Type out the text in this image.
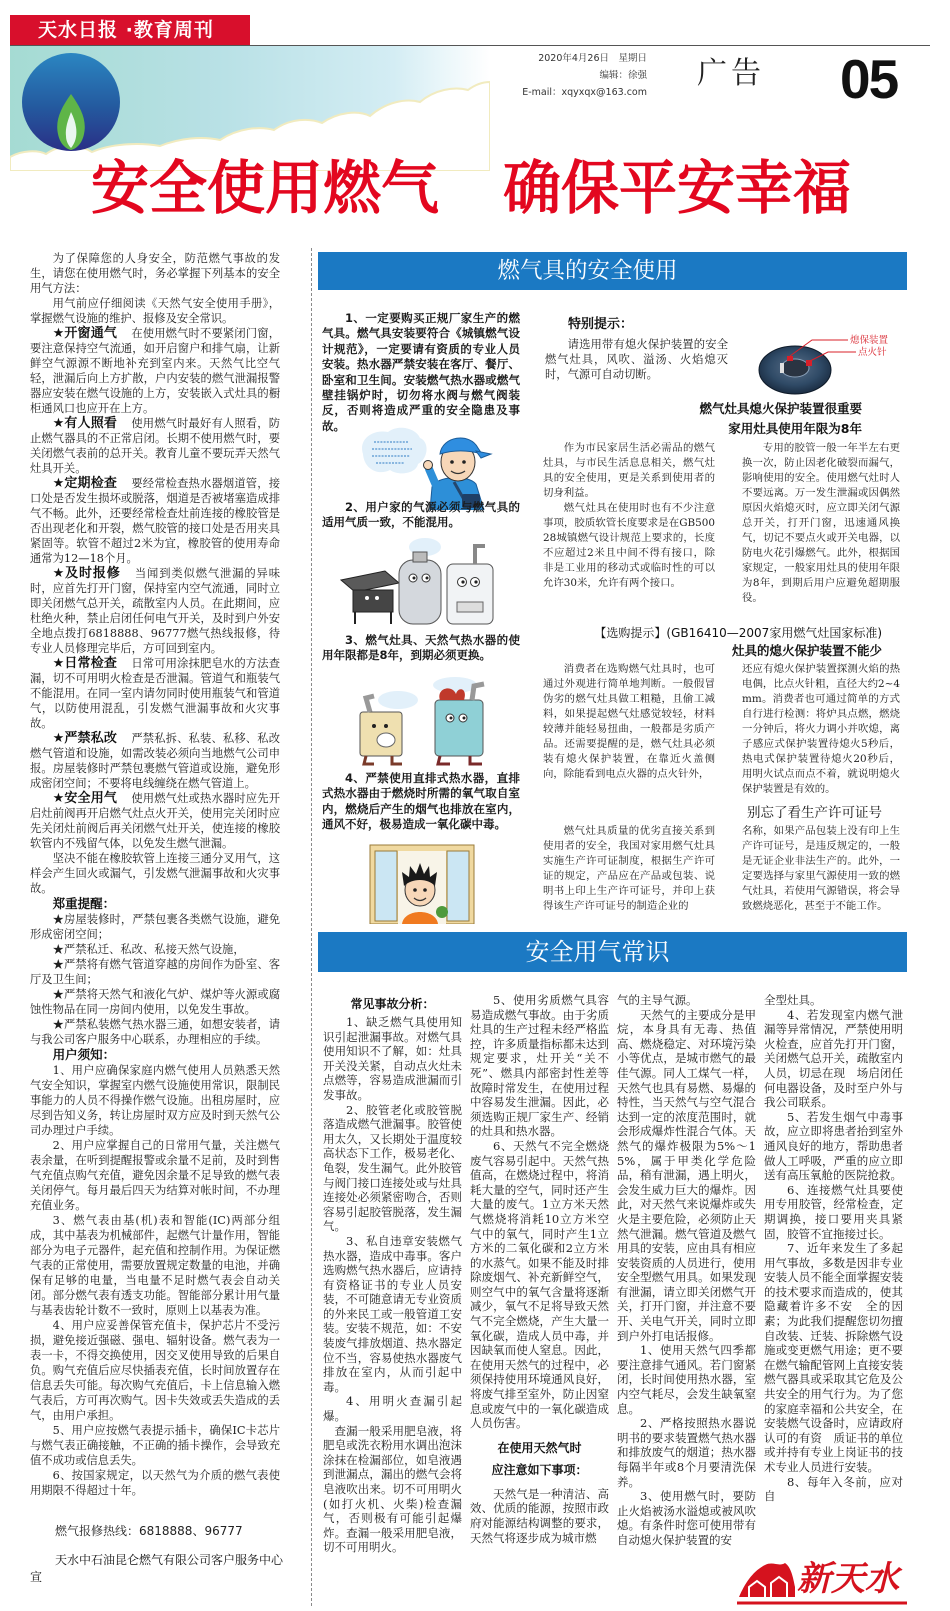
天水日报 ·教育周刊
2020年4月26日　星期日
编辑：徐强
E-mail：xqyxqx@163.com
广告 05
安全使用燃气 确保平安幸福

为了保障您的人身安全，防范燃气事故的发生，请您在使用燃气时，务必掌握下列基本的安全用气方法：

用气前应仔细阅读《天然气安全使用手册》，掌握燃气设施的维护、报修及安全常识。

★开窗通气 在使用燃气时不要紧闭门窗，要注意保持空气流通，如开启窗户和排气扇，让新鲜空气源源不断地补充到室内来。天然气比空气轻，泄漏后向上方扩散，户内安装的燃气泄漏报警器应安装在燃气设施的上方，安装嵌入式灶具的橱柜通风口也应开在上方。

★有人照看 使用燃气时最好有人照看，防止燃气器具的不正常启闭。长期不使用燃气时，要关闭燃气表前的总开关。教育儿童不要玩弄天然气灶具开关。

★定期检查 要经常检查热水器烟道管，接口处是否发生损坏或脱落，烟道是否被堵塞造成排气不畅。此外，还要经常检查灶前连接的橡胶管是否出现老化和开裂，燃气胶管的接口处是否用夹具紧固等。软管不超过2米为宜，橡胶管的使用寿命通常为12—18个月。

★及时报修 当闻到类似燃气泄漏的异味时，应首先打开门窗，保持室内空气流通，同时立即关闭燃气总开关，疏散室内人员。在此期间，应杜绝火种，禁止启闭任何电气开关，及时到户外安全地点拨打6818888、96777燃气热线报修，待专业人员修理完毕后，方可回到室内。

★日常检查 日常可用涂抹肥皂水的方法查漏，切不可用明火检查是否泄漏。管道气和瓶装气不能混用。在同一室内请勿同时使用瓶装气和管道气，以防使用混乱，引发燃气泄漏事故和火灾事故。

★严禁私改 严禁私拆、私装、私移、私改燃气管道和设施，如需改装必须向当地燃气公司申报。房屋装修时严禁包裹燃气管道或设施，避免形成密闭空间；不要将电线缠绕在燃气管道上。

★安全用气 使用燃气灶或热水器时应先开启灶前阀再开启燃气灶点火开关，使用完关闭时应先关闭灶前阀后再关闭燃气灶开关，使连接的橡胶软管内不残留气体，以免发生燃气泄漏。

坚决不能在橡胶软管上连接三通分叉用气，这样会产生回火或漏气，引发燃气泄漏事故和火灾事故。

郑重提醒：

★房屋装修时，严禁包裹各类燃气设施，避免形成密闭空间；

★严禁私迁、私改、私接天然气设施，

★严禁将有燃气管道穿越的房间作为卧室、客厅及卫生间；

★严禁将天然气和液化气炉、煤炉等火源或腐蚀性物品在同一房间内使用，以免发生事故。

★严禁私装燃气热水器三通，如想安装者，请与我公司客户服务中心联系，办理相应的手续。

用户须知：

1、用户应确保家庭内燃气使用人员熟悉天然气安全知识，掌握室内燃气设施使用常识，限制民事能力的人员不得操作燃气设施。出租房屋时，应尽到告知义务，转让房屋时双方应及时到天然气公司办理过户手续。

2、用户应掌握自己的日常用气量，关注燃气表余量，在听到提醒报警或余量不足前，及时到售气充值点购气充值，避免因余量不足导致的燃气表关闭停气。每月最后四天为结算对帐时间，不办理充值业务。

3、燃气表由基(机)表和智能(IC)两部分组成，其中基表为机械部件，起燃气计量作用，智能部分为电子元器件，起充值和控制作用。为保证燃气表的正常使用，需要放置规定数量的电池，并确保有足够的电量，当电量不足时燃气表会自动关闭。部分燃气表有透支功能。智能部分累计用气量与基表齿轮计数不一致时，原则上以基表为准。

4、用户应妥善保管充值卡，保护芯片不受污损，避免接近强磁、强电、辐射设备。燃气表为一表一卡，不得交换使用，因交叉使用导致的后果自负。购气充值后应尽快插表充值，长时间放置存在信息丢失可能。每次购气充值后，卡上信息输入燃气表后，方可再次购气。因卡失效或丢失造成的丢气，由用户承担。

5、用户应按燃气表提示插卡，确保IC卡芯片与燃气表正确接触，不正确的插卡操作，会导致充值不成功或信息丢失。

6、按国家规定，以天然气为介质的燃气表使用期限不得超过十年。

燃气报修热线：6818888、96777
天水中石油昆仑燃气有限公司客户服务中心
宣
燃气具的安全使用
1、一定要购买正规厂家生产的燃气具。燃气具安装要符合《城镇燃气设计规范》，一定要请有资质的专业人员安装。热水器严禁安装在客厅、餐厅、卧室和卫生间。安装燃气热水器或燃气壁挂锅炉时，切勿将水阀与燃气阀装反，否则将造成严重的安全隐患及事故。
2、用户家的气源必须与燃气具的适用气质一致，不能混用。
3、燃气灶具、天然气热水器的使用年限都是8年，到期必须更换。
4、严禁使用直排式热水器，直排式热水器由于燃烧时所需的氧气取自室内，燃烧后产生的烟气也排放在室内，通风不好，极易造成一氧化碳中毒。
特别提示：
请选用带有熄火保护装置的安全燃气灶具，风吹、溢汤、火焰熄灭时，气源可自动切断。
熄保装置
点火针
燃气灶具熄火保护装置很重要
家用灶具使用年限为8年

作为市民家居生活必需品的燃气灶具，与市民生活息息相关，燃气灶具的安全使用，更是关系到使用者的切身利益。

燃气灶具在使用时也有不少注意事项，胶质软管长度要求是在GB50028城镇燃气设计规范上要求的，长度不应超过2米且中间不得有接口，除非是工业用的移动式或临时性的可以允许30米，允许有两个接口。

专用的胶管一般一年半左右更换一次，防止因老化破裂而漏气，影响使用的安全。使用燃气灶时人不要远离。万一发生泄漏或因偶然原因火焰熄灭时，应立即关闭气源总开关，打开门窗，迅速通风换气，切记不要点火或开关电器，以防电火花引爆燃气。此外，根据国家规定，一般家用灶具的使用年限为8年，到期后用户应避免超期服役。

【选购提示】(GB16410—2007家用燃气灶国家标准)
灶具的熄火保护装置不能少

消费者在选购燃气灶具时，也可通过外观进行简单地判断。一般假冒伪劣的燃气灶具做工粗糙，且偷工减料，如果提起燃气灶感觉较轻，材料较薄并能轻易扭曲，一般都是劣质产品。还需要提醒的是，燃气灶具必须装有熄火保护装置，在靠近火盖侧向，除能看到电点火器的点火针外，

还应有熄火保护装置探测火焰的热电偶，比点火针粗，直径大约2~4mm。消费者也可通过简单的方式自行进行检测：将炉具点燃，燃烧一分钟后，将火力调小并吹熄，离子感应式保护装置待熄火5秒后，热电式保护装置待熄火20秒后，用明火试点而点不着，就说明熄火保护装置是有效的。

别忘了看生产许可证号

燃气灶具质量的优劣直接关系到使用者的安全，我国对家用燃气灶具实施生产许可证制度，根据生产许可证的规定，产品应在产品或包装、说明书上印上生产许可证号，并印上获得该生产许可证号的制造企业的

名称，如果产品包装上没有印上生产许可证号，是违反规定的，一般是无证企业非法生产的。此外，一定要选择与家里气源使用一致的燃气灶具，若使用气源错误，将会导致燃烧恶化，甚至于不能工作。

安全用气常识

常见事故分析：

1、缺乏燃气具使用知识引起泄漏事故。对燃气具使用知识不了解，如：灶具开关没关紧，自动点火灶未点燃等，容易造成泄漏而引发事故。

2、胶管老化或胶管脱落造成燃气泄漏事。胶管使用太久，又长期处于温度较高状态下工作，极易老化、龟裂，发生漏气。此外胶管与阀门接口连接处或与灶具连接处必须紧密吻合，否则容易引起胶管脱落，发生漏气。

3、私自违章安装燃气热水器，造成中毒事。客户选购燃气热水器后，应请持有资格证书的专业人员安装，不可随意请无专业资质的外来民工或一般管道工安装。安装不规范，如：不安装废气排放烟道、热水器定位不当，容易使热水器废气排放在室内，从而引起中毒。

4、用明火查漏引起爆。

查漏一般采用肥皂液，将肥皂或洗衣粉用水调出泡沫涂抹在检漏部位，如皂液遇到泄漏点，漏出的燃气会将皂液吹出来。切不可用明火(如打火机、火柴)检查漏气，否则极有可能引起爆炸。查漏一般采用肥皂液，切不可用明火。

5、使用劣质燃气具容易造成燃气事故。由于劣质灶具的生产过程未经严格监控，许多质量指标都未达到规定要求，灶开关“关不死”、燃具内部密封性差等故障时常发生，在使用过程中容易发生泄漏。因此，必须选购正规厂家生产、经销的灶具和热水器。

6、天然气不完全燃烧废气容易引起中。天然气热值高，在燃烧过程中，将消耗大量的空气，同时还产生大量的废气。1立方米天然气燃烧将消耗10立方米空气中的氧气，同时产生1立方米的二氧化碳和2立方米的水蒸气。如果不能及时排除废烟气、补充新鲜空气，则空气中的氧气含量将逐渐减少，氧气不足将导致天然气不完全燃烧，产生大量一氧化碳，造成人员中毒，并因缺氧而使人窒息。因此，在使用天然气的过程中，必须保持使用环境通风良好，将废气排至室外，防止因窒息或废气中的一氧化碳造成人员伤害。

在使用天然气时

应注意如下事项：

天然气是一种清洁、高效、优质的能源，按照市政府对能源结构调整的要求，天然气将逐步成为城市燃

气的主导气源。

天然气的主要成分是甲烷，本身具有无毒、热值高、燃烧稳定、对环境污染小等优点，是城市燃气的最佳气源。同人工煤气一样，天然气也具有易燃、易爆的特性，当天然气与空气混合达到一定的浓度范围时，就会形成爆炸性混合气体。天然气的爆炸极限为5%～15%，属于甲类化学危险品，稍有泄漏，遇上明火，会发生威力巨大的爆炸。因此，对天然气来说爆炸或失火是主要危险，必须防止天然气泄漏。燃气管道及燃气用具的安装，应由具有相应安装资质的人员进行，使用安全型燃气用具。如果发现有泄漏，请立即关闭燃气开关，打开门窗，并注意不要开、关电气开关，同时立即到户外打电话报修。

1、使用天然气四季都要注意排气通风。若门窗紧闭，长时间使用热水器，室内空气耗尽，会发生缺氧窒息。

2、严格按照热水器说明书的要求装置燃气热水器和排放废气的烟道；热水器每隔半年或8个月要清洗保养。

3、使用燃气时，要防止火焰被汤水溢熄或被风吹熄。有条件时您可使用带有自动熄火保护装置的安

全型灶具。

4、若发现室内燃气泄漏等异常情况，严禁使用明火检查，应首先打开门窗，关闭燃气总开关，疏散室内人员，切忌在现　场启闭任何电器设备，及时至户外与我公司联系。

5、若发生烟气中毒事故，应立即将患者抬到室外通风良好的地方，帮助患者做人工呼吸，严重的应立即送有高压氧舱的医院抢救。

6、连接燃气灶具要使用专用胶管，经常检查，定期调换，接口要用夹具紧固，胶管不宜拖接过长。

7、近年来发生了多起用气事故，多数是因非专业安装人员不能全面掌握安装的技术要求而造成的，使其隐藏着许多不安　全的因素；为此我们提醒您切勿擅自改装、迁装、拆除燃气设施或变更燃气用途；更不要在燃气输配管网上直接安装燃气器具或采取其它危及公共安全的用气行为。为了您的家庭幸福和公共安全，在安装燃气设备时，应请政府认可的有资　质证书的单位或并持有专业上岗证书的技术专业人员进行安装。

8、每年入冬前，应对自

新天水
